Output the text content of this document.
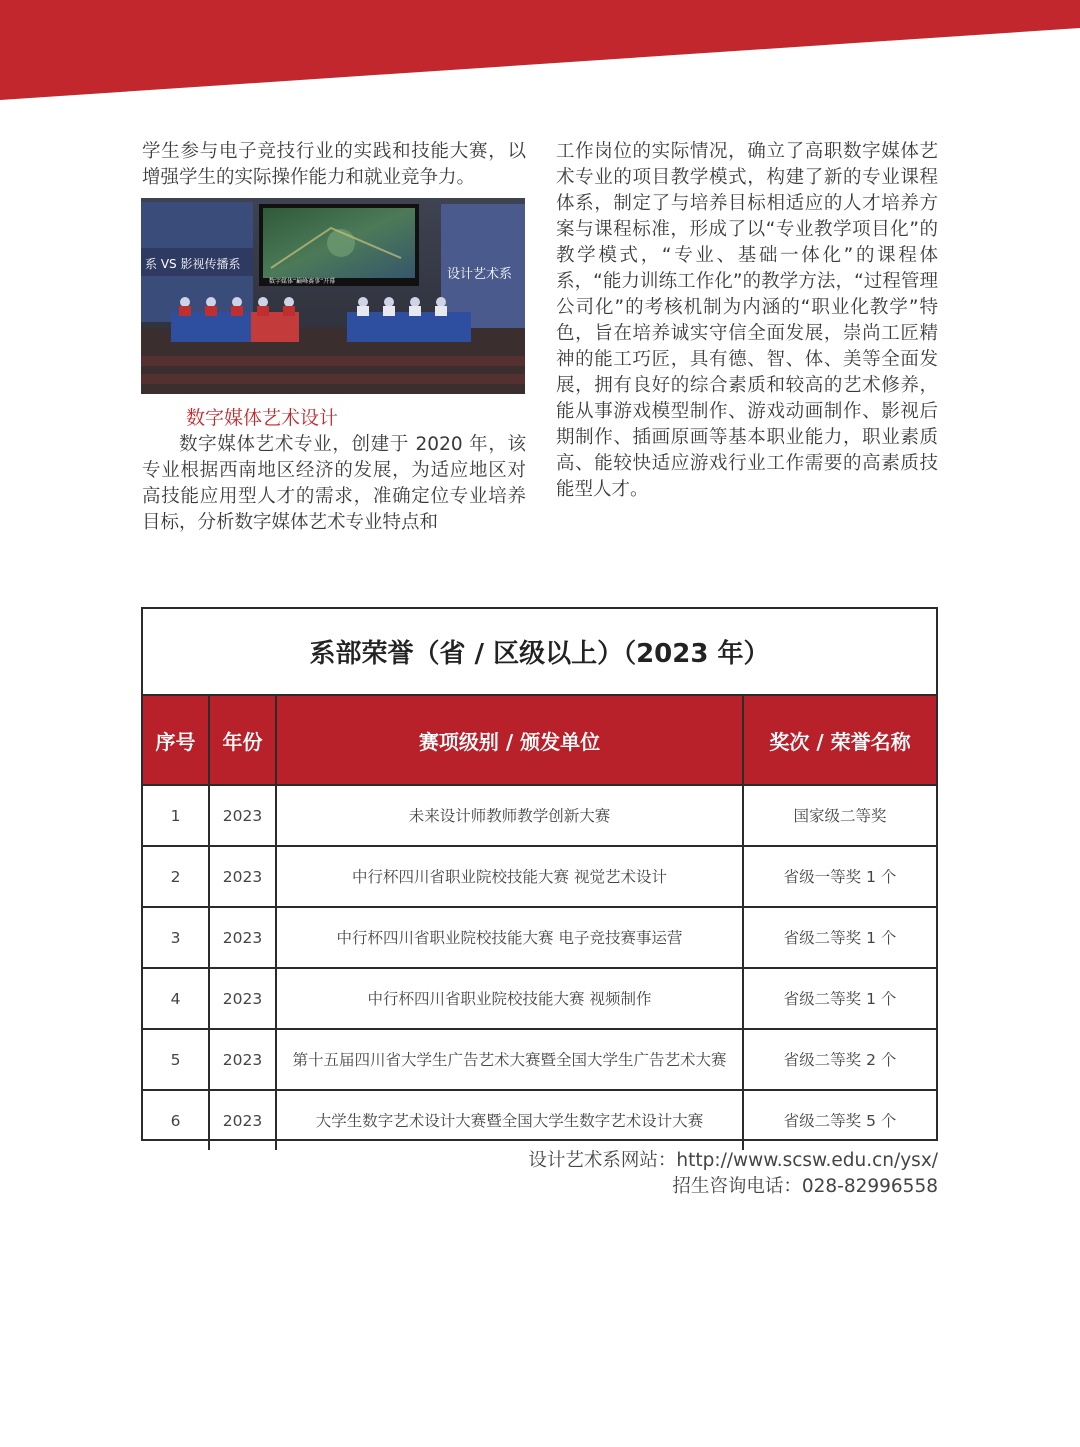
学生参与电子竞技行业的实践和技能大赛，以增强学生的实际操作能力和就业竞争力。

数字媒体“巅峰赛事”开幕
系 VS 影视传播系
设计艺术系

数字媒体艺术设计

数字媒体艺术专业，创建于 2020 年，该专业根据西南地区经济的发展，为适应地区对高技能应用型人才的需求，准确定位专业培养目标，分析数字媒体艺术专业特点和

工作岗位的实际情况，确立了高职数字媒体艺术专业的项目教学模式，构建了新的专业课程体系，制定了与培养目标相适应的人才培养方案与课程标准，形成了以“专业教学项目化”的教学模式，“专业、基础一体化”的课程体系，“能力训练工作化”的教学方法，“过程管理公司化”的考核机制为内涵的“职业化教学”特色，旨在培养诚实守信全面发展，崇尚工匠精神的能工巧匠，具有德、智、体、美等全面发展，拥有良好的综合素质和较高的艺术修养，能从事游戏模型制作、游戏动画制作、影视后期制作、插画原画等基本职业能力，职业素质高、能较快适应游戏行业工作需要的高素质技能型人才。

系部荣誉（省 / 区级以上）（2023 年）
序号	年份	赛项级别 / 颁发单位	奖次 / 荣誉名称
1	2023	未来设计师教师教学创新大赛	国家级二等奖
2	2023	中行杯四川省职业院校技能大赛 视觉艺术设计	省级一等奖 1 个
3	2023	中行杯四川省职业院校技能大赛 电子竞技赛事运营	省级二等奖 1 个
4	2023	中行杯四川省职业院校技能大赛 视频制作	省级二等奖 1 个
5	2023	第十五届四川省大学生广告艺术大赛暨全国大学生广告艺术大赛	省级二等奖 2 个
6	2023	大学生数字艺术设计大赛暨全国大学生数字艺术设计大赛	省级二等奖 5 个
设计艺术系网站：http://www.scsw.edu.cn/ysx/
招生咨询电话：028-82996558
